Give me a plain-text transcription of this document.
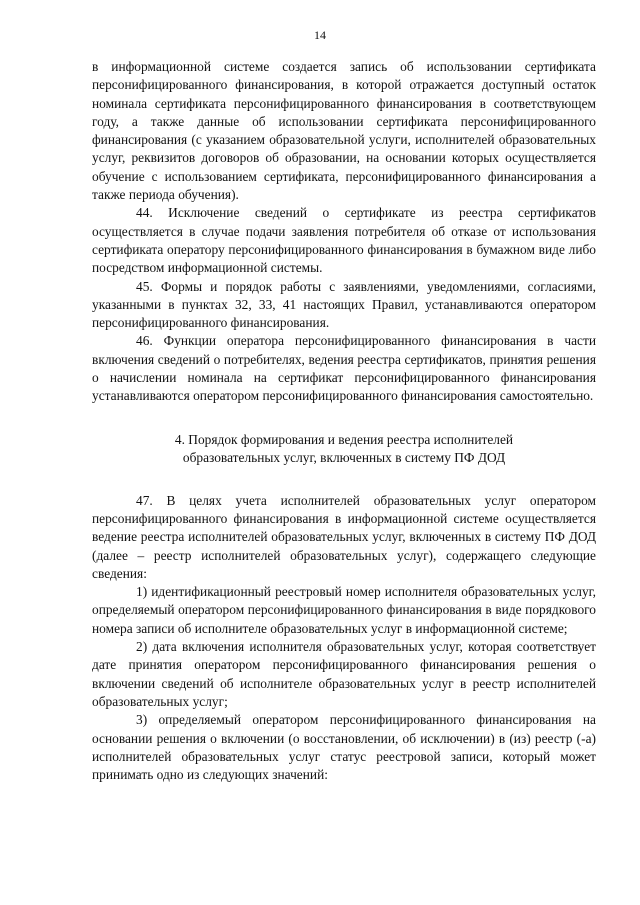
14

в информационной системе создается запись об использовании сертификата персонифицированного финансирования, в которой отражается доступный остаток номинала сертификата персонифицированного финансирования в соответствующем году, а также данные об использовании сертификата персонифицированного финансирования (с указанием образовательной услуги, исполнителей образовательных услуг, реквизитов договоров об образовании, на основании которых осуществляется обучение с использованием сертификата, персонифицированного финансирования а также периода обучения).

44. Исключение сведений о сертификате из реестра сертификатов осуществляется в случае подачи заявления потребителя об отказе от использования сертификата оператору персонифицированного финансирования в бумажном виде либо посредством информационной системы.

45. Формы и порядок работы с заявлениями, уведомлениями, согласиями, указанными в пунктах 32, 33, 41 настоящих Правил, устанавливаются оператором персонифицированного финансирования.

46. Функции оператора персонифицированного финансирования в части включения сведений о потребителях, ведения реестра сертификатов, принятия решения о начислении номинала на сертификат персонифицированного финансирования устанавливаются оператором персонифицированного финансирования самостоятельно.

4. Порядок формирования и ведения реестра исполнителей
образовательных услуг, включенных в систему ПФ ДОД

47. В целях учета исполнителей образовательных услуг оператором персонифицированного финансирования в информационной системе осуществляется ведение реестра исполнителей образовательных услуг, включенных в систему ПФ ДОД (далее – реестр исполнителей образовательных услуг), содержащего следующие сведения:

1) идентификационный реестровый номер исполнителя образовательных услуг, определяемый оператором персонифицированного финансирования в виде порядкового номера записи об исполнителе образовательных услуг в информационной системе;

2) дата включения исполнителя образовательных услуг, которая соответствует дате принятия оператором персонифицированного финансирования решения о включении сведений об исполнителе образовательных услуг в реестр исполнителей образовательных услуг;

3) определяемый оператором персонифицированного финансирования на основании решения о включении (о восстановлении, об исключении) в (из) реестр (-а) исполнителей образовательных услуг статус реестровой записи, который может принимать одно из следующих значений:
